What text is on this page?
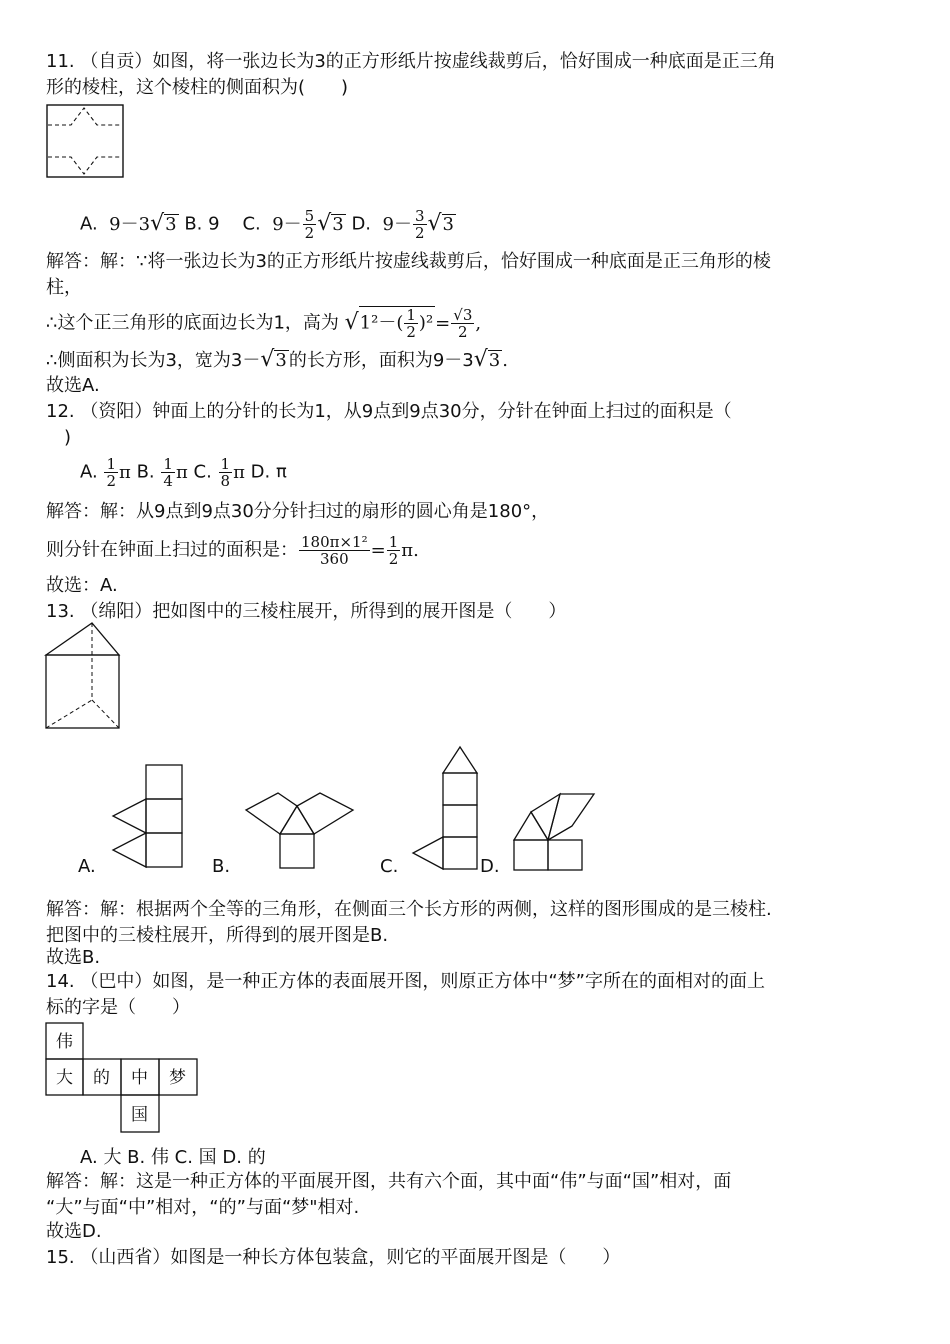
11. （自贡）如图，将一张边长为3的正方形纸片按虚线裁剪后，恰好围成一种底面是正三角
形的棱柱，这个棱柱的侧面积为(　　)
A.  9－3√3 B. 9 C.  $9- \frac{5}{2} √3$ D.  $9- \frac{3}{2} √3$
解答：解：∵将一张边长为3的正方形纸片按虚线裁剪后，恰好围成一种底面是正三角形的棱
柱，
∴这个正三角形的底面边长为1，高为 $√1^2-( \frac{1}{2} )^2 = \frac{√3}{2}$ ,
∴侧面积为长为3，宽为3－√3 的长方形，面积为9－3√3 .
故选A.
12. （资阳）钟面上的分针的长为1，从9点到9点30分，分针在钟面上扫过的面积是（
)
A. $\frac{1}{2}$ π B. $\frac{1}{4}$ π C. $\frac{1}{8}$ π D. π
解答：解：从9点到9点30分分针扫过的扇形的圆心角是180°，
则分针在钟面上扫过的面积是： $\frac{\text{180π×1²}}{360} = \frac{1}{2} \pi$.
故选：A.
13. （绵阳）把如图中的三棱柱展开，所得到的展开图是（　　）
A.	B.	C.	D.
解答：解：根据两个全等的三角形，在侧面三个长方形的两侧，这样的图形围成的是三棱柱.
把图中的三棱柱展开，所得到的展开图是B.
故选B.
14. （巴中）如图，是一种正方体的表面展开图，则原正方体中“梦”字所在的面相对的面上
标的字是（　　）
伟
大 的 中 梦
国
A. 大 B. 伟 C. 国 D. 的
解答：解：这是一种正方体的平面展开图，共有六个面，其中面“伟”与面“国”相对，面
“大”与面“中”相对，“的”与面“梦"相对.
故选D.
15. （山西省）如图是一种长方体包装盒，则它的平面展开图是（　　）
